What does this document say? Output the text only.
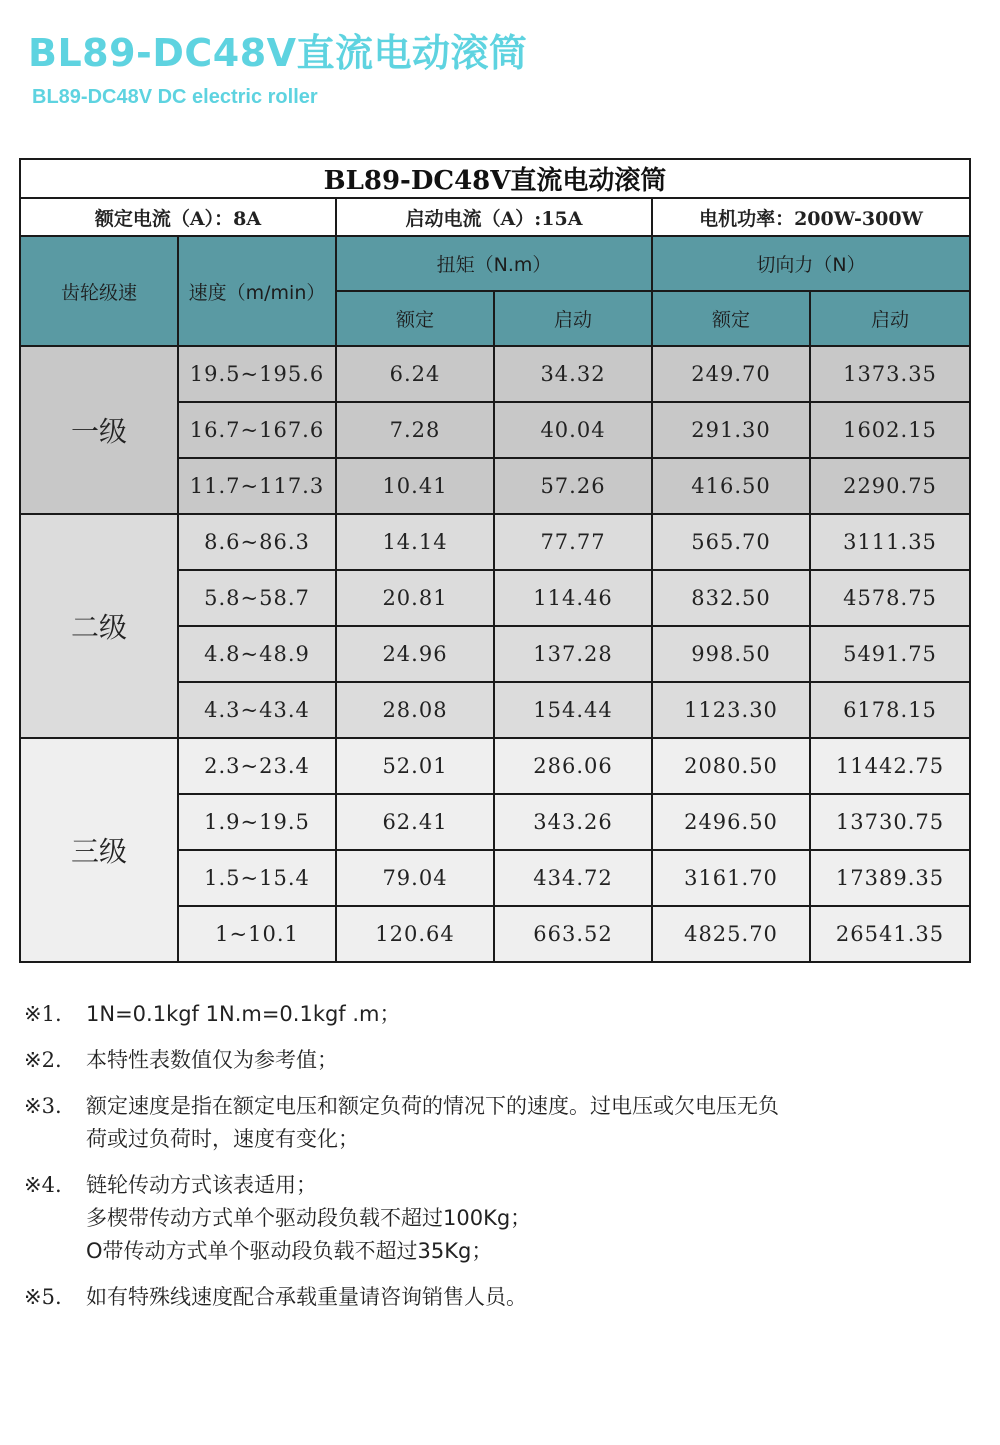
BL89-DC48V直流电动滚筒
BL89-DC48V DC electric roller
BL89-DC48V直流电动滚筒					
额定电流（A）：8A		启动电流（A）:15A		电机功率：200W-300W	
齿轮级速	速度（m/min）	扭矩（N.m）		切向力（N）	
		额定	启动	额定	启动
一级	19.5~195.6	6.24	34.32	249.70	1373.35
	16.7~167.6	7.28	40.04	291.30	1602.15
	11.7~117.3	10.41	57.26	416.50	2290.75
二级	8.6~86.3	14.14	77.77	565.70	3111.35
	5.8~58.7	20.81	114.46	832.50	4578.75
	4.8~48.9	24.96	137.28	998.50	5491.75
	4.3~43.4	28.08	154.44	1123.30	6178.15
三级	2.3~23.4	52.01	286.06	2080.50	11442.75
	1.9~19.5	62.41	343.26	2496.50	13730.75
	1.5~15.4	79.04	434.72	3161.70	17389.35
	1~10.1	120.64	663.52	4825.70	26541.35
※1.	1N=0.1kgf 1N.m=0.1kgf .m；
※2.	本特性表数值仅为参考值；
※3.	额定速度是指在额定电压和额定负荷的情况下的速度。过电压或欠电压无负
荷或过负荷时，速度有变化；
※4.	链轮传动方式该表适用；
多楔带传动方式单个驱动段负载不超过100Kg；
O带传动方式单个驱动段负载不超过35Kg；
※5.	如有特殊线速度配合承载重量请咨询销售人员。
